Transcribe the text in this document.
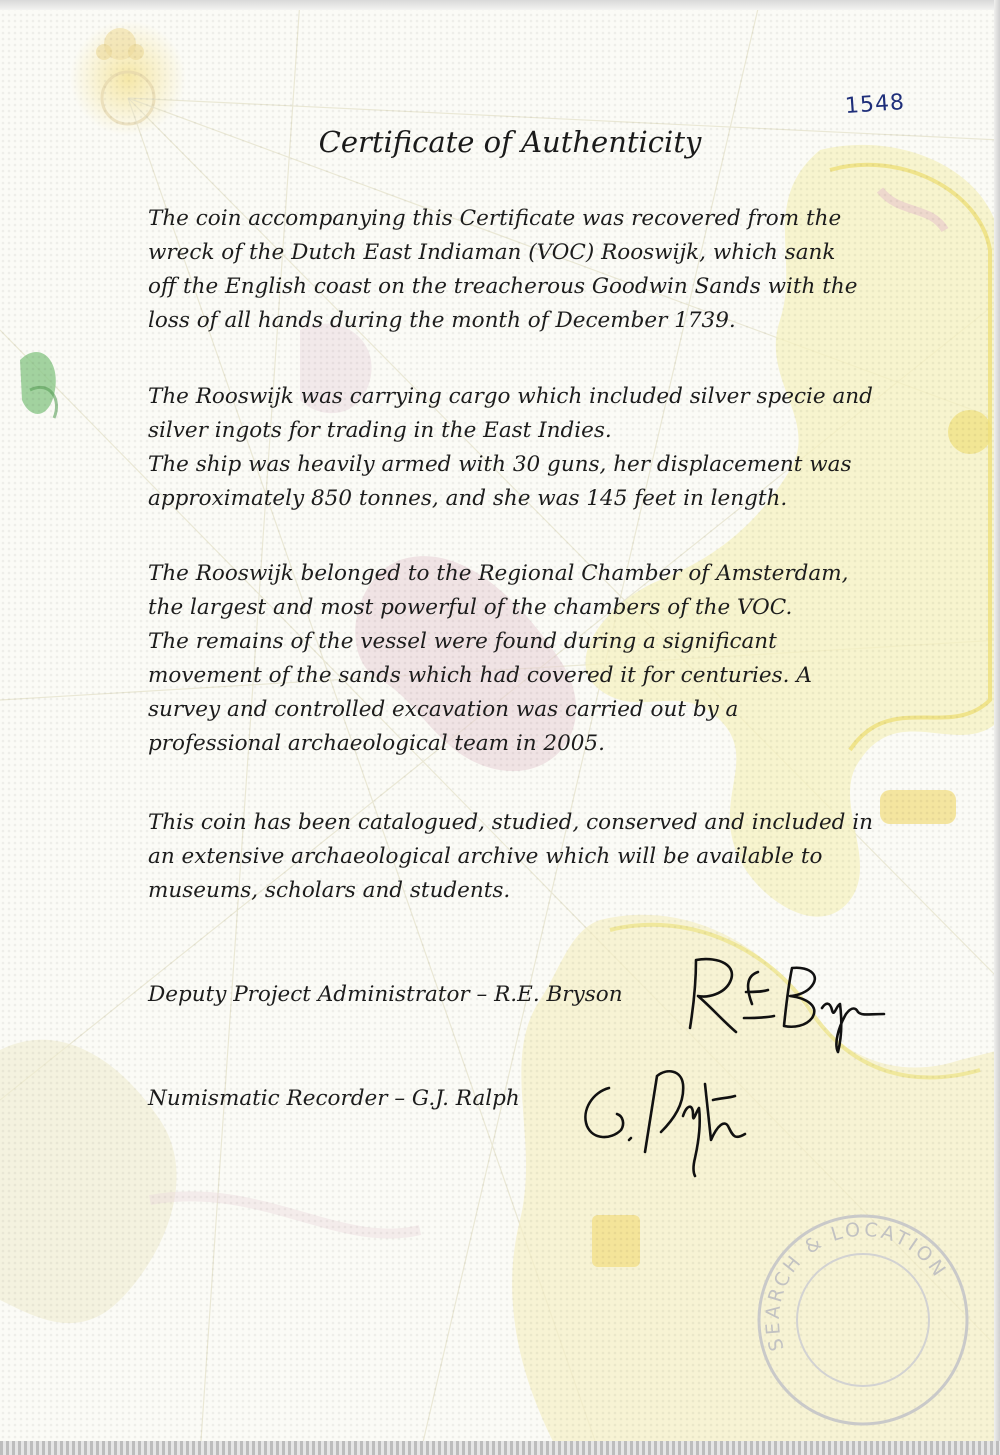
1548
Certificate of Authenticity

The coin accompanying this Certificate was recovered from the
wreck of the Dutch East Indiaman (VOC) Rooswijk, which sank
off the English coast on the treacherous Goodwin Sands with the
loss of all hands during the month of December 1739.

The Rooswijk was carrying cargo which included silver specie and
silver ingots for trading in the East Indies.
The ship was heavily armed with 30 guns, her displacement was
approximately 850 tonnes, and she was 145 feet in length.

The Rooswijk belonged to the Regional Chamber of Amsterdam,
the largest and most powerful of the chambers of the VOC.
The remains of the vessel were found during a significant
movement of the sands which had covered it for centuries. A
survey and controlled excavation was carried out by a
professional archaeological team in 2005.

This coin has been catalogued, studied, conserved and included in
an extensive archaeological archive which will be available to
museums, scholars and students.

Deputy Project Administrator – R.E. Bryson
Numismatic Recorder – G.J. Ralph
SEARCH & LOCATION
